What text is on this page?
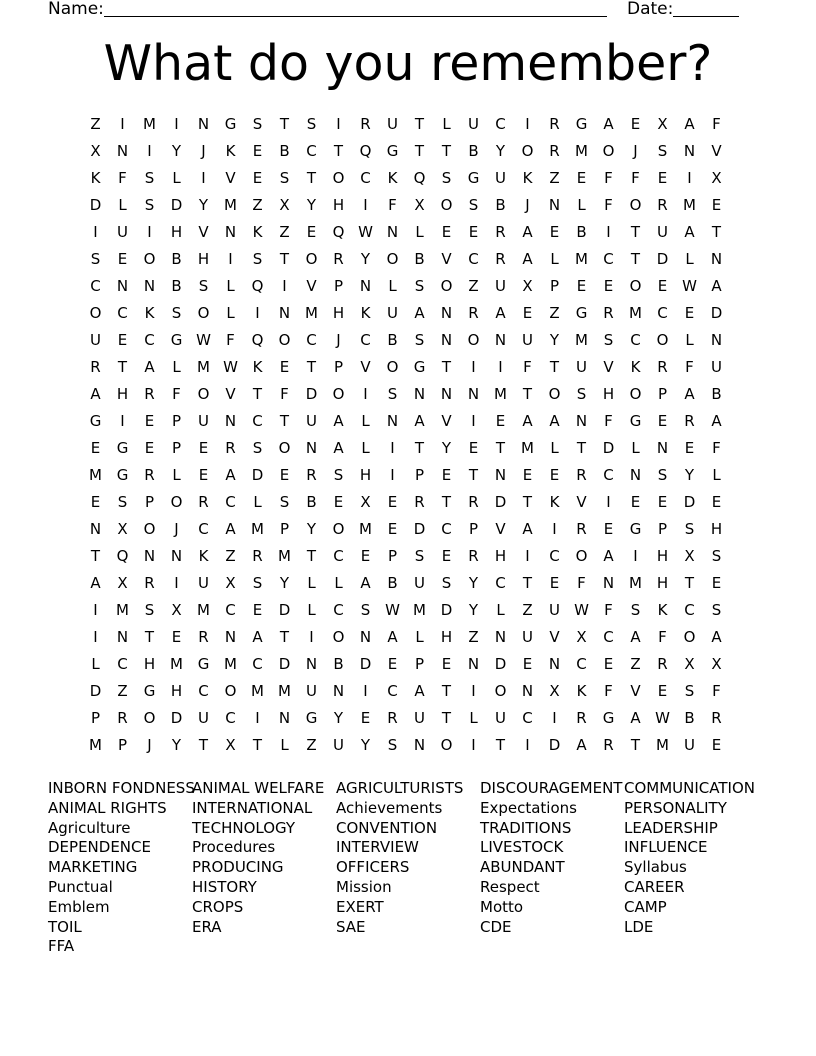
Name:	Date:
What do you remember?
Z	I	M	I	N	G	S	T	S	I	R	U	T	L	U	C	I	R	G	A	E	X	A	F
X	N	I	Y	J	K	E	B	C	T	Q	G	T	T	B	Y	O	R	M O	J	S	N	V
K	F	S	L	I	V	E	S	T	O	C	K	Q	S	G	U	K	Z	E	F	F	E	I	X
D	L	S	D	Y	M	Z	X	Y	H	I	F	X	O	S	B	J	N	L	F	O	R	M	E
I	U	I	H	V	N	K	Z	E	Q W N	L	E	E	R	A	E	B	I	T	U	A	T
S	E	O	B	H	I	S	T	O	R	Y	O	B	V	C	R	A	L	M	C	T	D	L	N
C	N	N	B	S	L	Q	I	V	P	N	L	S	O	Z	U	X	P	E	E	O	E W A
O	C	K	S	O	L	I	N M H	K	U	A	N	R	A	E	Z	G	R	M	C	E	D
U	E	C	G W	F	Q	O	C	J	C	B	S	N	O	N	U	Y	M	S	C	O	L	N
R	T	A	L	M W K	E	T	P	V	O	G	T	I	I	F	T	U	V	K	R	F	U
A	H	R	F	O	V	T	F	D	O	I	S	N	N	N M	T	O	S	H	O	P	A	B
G	I	E	P	U	N	C	T	U	A	L	N	A	V	I	E	A	A	N	F	G	E	R	A
E	G	E	P	E	R	S	O	N	A	L	I	T	Y	E	T	M	L	T	D	L	N	E	F
M G	R	L	E	A	D	E	R	S	H	I	P	E	T	N	E	E	R	C	N	S	Y	L
E	S	P	O	R	C	L	S	B	E	X	E	R	T	R	D	T	K	V	I	E	E	D	E
N	X	O	J	C	A	M	P	Y	O M	E	D	C	P	V	A	I	R	E	G	P	S	H
T	Q	N	N	K	Z	R	M	T	C	E	P	S	E	R	H	I	C	O	A	I	H	X	S
A	X	R	I	U	X	S	Y	L	L	A	B	U	S	Y	C	T	E	F	N M H	T	E
I	M	S	X	M	C	E	D	L	C	S W M D	Y	L	Z	U W	F	S	K	C	S
I	N	T	E	R	N	A	T	I	O	N	A	L	H	Z	N	U	V	X	C	A	F	O	A
L	C	H M G M	C	D	N	B	D	E	P	E	N	D	E	N	C	E	Z	R	X	X
D	Z	G	H	C	O M M	U	N	I	C	A	T	I	O	N	X	K	F	V	E	S	F
P	R	O	D	U	C	I	N	G	Y	E	R	U	T	L	U	C	I	R	G	A W B	R
M	P	J	Y	T	X	T	L	Z	U	Y	S	N	O	I	T	I	D	A	R	T	M	U	E
INBORN FONDNESS
ANIMAL RIGHTS
Agriculture
DEPENDENCE
MARKETING
Punctual
Emblem
TOIL
FFA
ANIMAL WELFARE
INTERNATIONAL
TECHNOLOGY
Procedures
PRODUCING
HISTORY
CROPS
ERA
AGRICULTURISTS
Achievements
CONVENTION
INTERVIEW
OFFICERS
Mission
EXERT
SAE
DISCOURAGEMENT
Expectations
TRADITIONS
LIVESTOCK
ABUNDANT
Respect
Motto
CDE
COMMUNICATION
PERSONALITY
LEADERSHIP
INFLUENCE
Syllabus
CAREER
CAMP
LDE
